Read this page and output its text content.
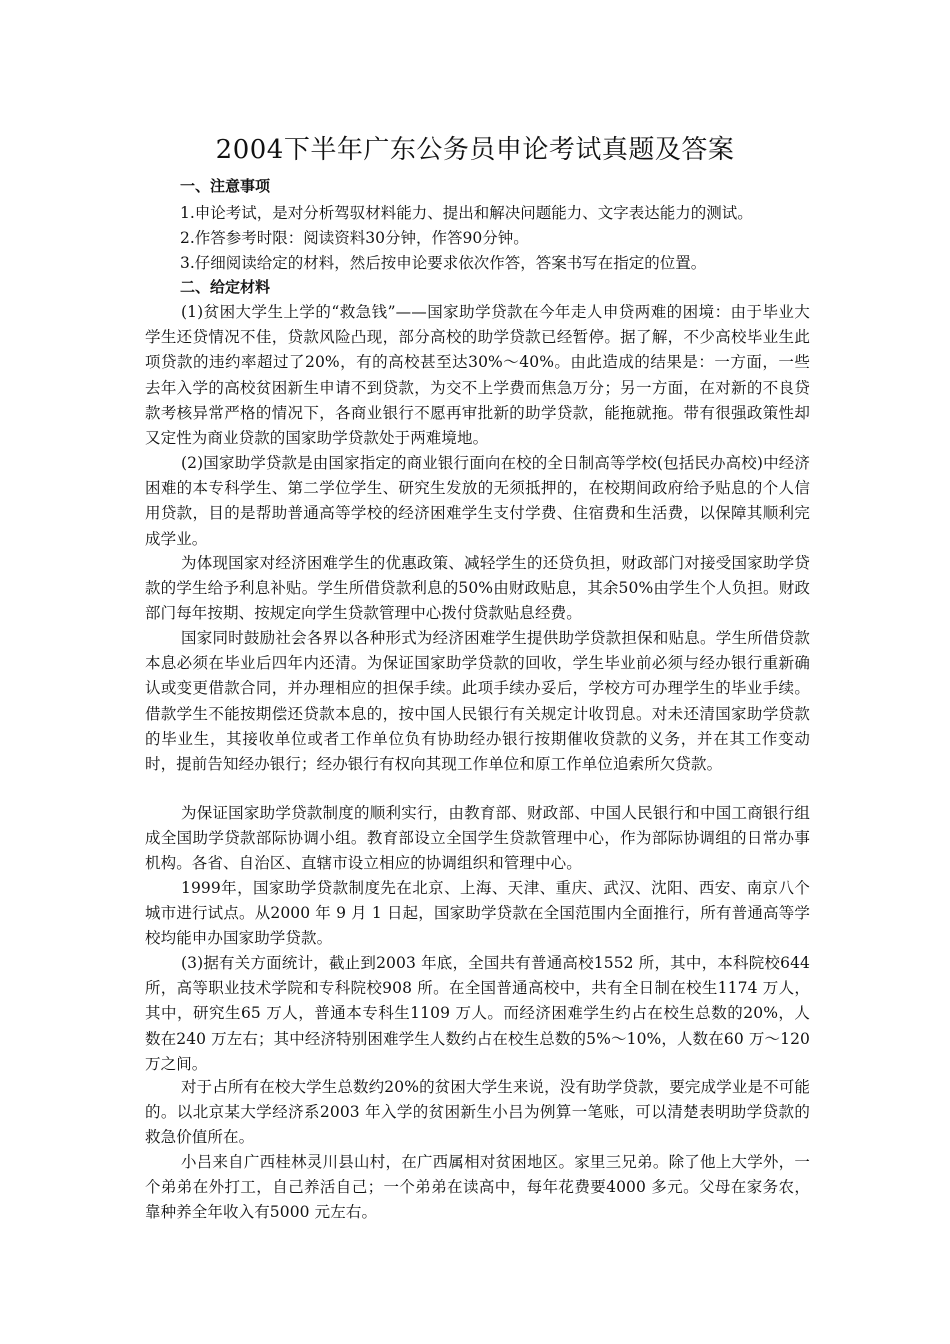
2004下半年广东公务员申论考试真题及答案
一、注意事项
1.申论考试，是对分析驾驭材料能力、提出和解决问题能力、文字表达能力的测试。
2.作答参考时限：阅读资料30分钟，作答90分钟。
3.仔细阅读给定的材料，然后按申论要求依次作答，答案书写在指定的位置。
二、给定材料
(1)贫困大学生上学的“救急钱”——国家助学贷款在今年走人申贷两难的困境：由于毕业大学生还贷情况不佳，贷款风险凸现，部分高校的助学贷款已经暂停。据了解，不少高校毕业生此项贷款的违约率超过了20%，有的高校甚至达30%～40%。由此造成的结果是：一方面，一些去年入学的高校贫困新生申请不到贷款，为交不上学费而焦急万分；另一方面，在对新的不良贷款考核异常严格的情况下，各商业银行不愿再审批新的助学贷款，能拖就拖。带有很强政策性却又定性为商业贷款的国家助学贷款处于两难境地。
(2)国家助学贷款是由国家指定的商业银行面向在校的全日制高等学校(包括民办高校)中经济困难的本专科学生、第二学位学生、研究生发放的无须抵押的，在校期间政府给予贴息的个人信用贷款，目的是帮助普通高等学校的经济困难学生支付学费、住宿费和生活费，以保障其顺利完成学业。
为体现国家对经济困难学生的优惠政策、减轻学生的还贷负担，财政部门对接受国家助学贷款的学生给予利息补贴。学生所借贷款利息的50%由财政贴息，其余50%由学生个人负担。财政部门每年按期、按规定向学生贷款管理中心拨付贷款贴息经费。
国家同时鼓励社会各界以各种形式为经济困难学生提供助学贷款担保和贴息。学生所借贷款本息必须在毕业后四年内还清。为保证国家助学贷款的回收，学生毕业前必须与经办银行重新确认或变更借款合同，并办理相应的担保手续。此项手续办妥后，学校方可办理学生的毕业手续。借款学生不能按期偿还贷款本息的，按中国人民银行有关规定计收罚息。对未还清国家助学贷款的毕业生，其接收单位或者工作单位负有协助经办银行按期催收贷款的义务，并在其工作变动时，提前告知经办银行；经办银行有权向其现工作单位和原工作单位追索所欠贷款。
为保证国家助学贷款制度的顺利实行，由教育部、财政部、中国人民银行和中国工商银行组成全国助学贷款部际协调小组。教育部设立全国学生贷款管理中心，作为部际协调组的日常办事机构。各省、自治区、直辖市设立相应的协调组织和管理中心。
1999年，国家助学贷款制度先在北京、上海、天津、重庆、武汉、沈阳、西安、南京八个城市进行试点。从2000 年 9 月 1 日起，国家助学贷款在全国范围内全面推行，所有普通高等学校均能申办国家助学贷款。
(3)据有关方面统计，截止到2003 年底，全国共有普通高校1552 所，其中，本科院校644 所，高等职业技术学院和专科院校908 所。在全国普通高校中，共有全日制在校生1174 万人，其中，研究生65 万人，普通本专科生1109 万人。而经济困难学生约占在校生总数的20%，人数在240 万左右；其中经济特别困难学生人数约占在校生总数的5%～10%，人数在60 万～120 万之间。
对于占所有在校大学生总数约20%的贫困大学生来说，没有助学贷款，要完成学业是不可能的。以北京某大学经济系2003 年入学的贫困新生小吕为例算一笔账，可以清楚表明助学贷款的救急价值所在。
小吕来自广西桂林灵川县山村，在广西属相对贫困地区。家里三兄弟。除了他上大学外，一个弟弟在外打工，自己养活自己；一个弟弟在读高中，每年花费要4000 多元。父母在家务农，靠种养全年收入有5000 元左右。
